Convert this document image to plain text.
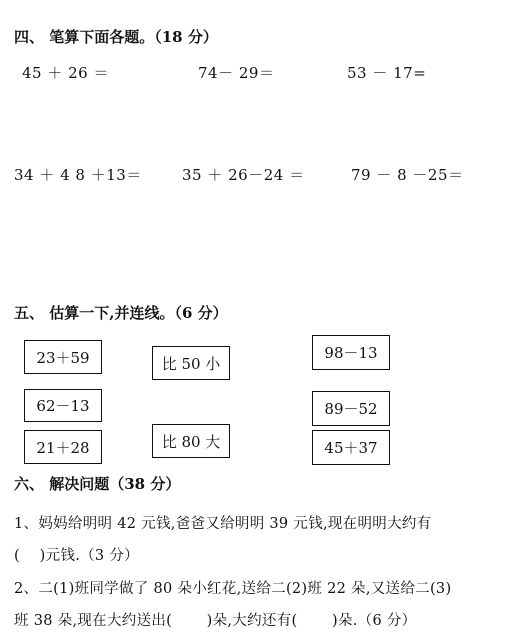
四、 笔算下面各题。（18 分）
45 ＋ 26 ＝	74－ 29＝	53 － 17=
34 ＋ 4 8 ＋13＝	35 ＋ 26－24 ＝	79 － 8 －25＝
五、 估算一下,并连线。（6 分）
23＋59
62－13
21＋28
比 50 小
比 80 大
98－13
89－52
45＋37
六、 解决问题（38 分）
1、妈妈给明明 42 元钱,爸爸又给明明 39 元钱,现在明明大约有
(　 )元钱.（3 分）
2、二(1)班同学做了 80 朵小红花,送给二(2)班 22 朵,又送给二(3)
班 38 朵,现在大约送出(　　 )朵,大约还有(　　 )朵.（6 分）
